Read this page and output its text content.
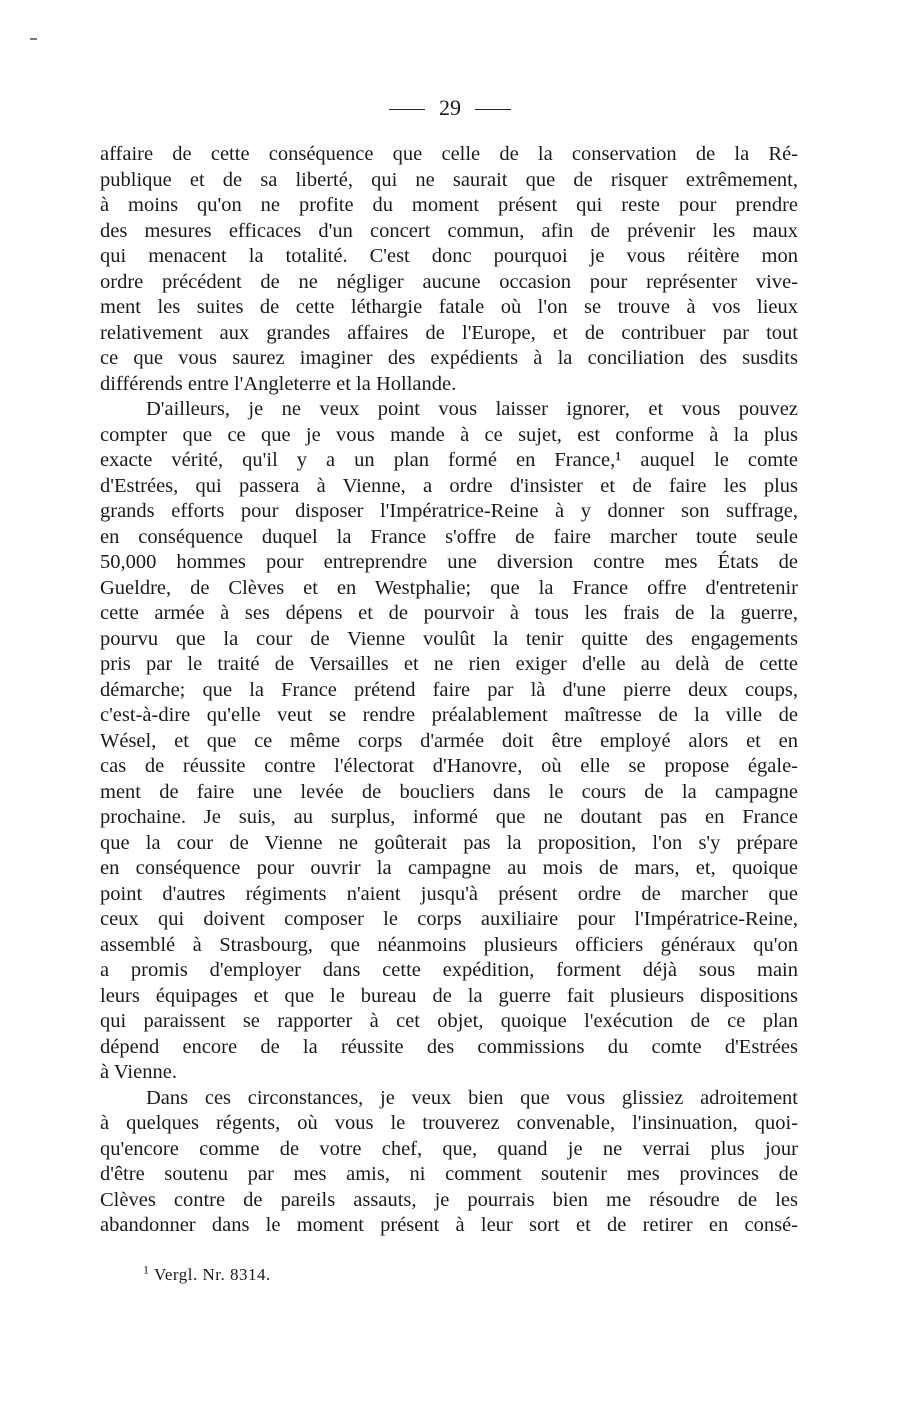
29
affaire de cette conséquence que celle de la conservation de la Ré-
publique et de sa liberté, qui ne saurait que de risquer extrêmement,
à moins qu'on ne profite du moment présent qui reste pour prendre
des mesures efficaces d'un concert commun, afin de prévenir les maux
qui menacent la totalité. C'est donc pourquoi je vous réitère mon
ordre précédent de ne négliger aucune occasion pour représenter vive-
ment les suites de cette léthargie fatale où l'on se trouve à vos lieux
relativement aux grandes affaires de l'Europe, et de contribuer par tout
ce que vous saurez imaginer des expédients à la conciliation des susdits
différends entre l'Angleterre et la Hollande.
D'ailleurs, je ne veux point vous laisser ignorer, et vous pouvez
compter que ce que je vous mande à ce sujet, est conforme à la plus
exacte vérité, qu'il y a un plan formé en France,¹ auquel le comte
d'Estrées, qui passera à Vienne, a ordre d'insister et de faire les plus
grands efforts pour disposer l'Impératrice-Reine à y donner son suffrage,
en conséquence duquel la France s'offre de faire marcher toute seule
50,000 hommes pour entreprendre une diversion contre mes États de
Gueldre, de Clèves et en Westphalie; que la France offre d'entretenir
cette armée à ses dépens et de pourvoir à tous les frais de la guerre,
pourvu que la cour de Vienne voulût la tenir quitte des engagements
pris par le traité de Versailles et ne rien exiger d'elle au delà de cette
démarche; que la France prétend faire par là d'une pierre deux coups,
c'est-à-dire qu'elle veut se rendre préalablement maîtresse de la ville de
Wésel, et que ce même corps d'armée doit être employé alors et en
cas de réussite contre l'électorat d'Hanovre, où elle se propose égale-
ment de faire une levée de boucliers dans le cours de la campagne
prochaine. Je suis, au surplus, informé que ne doutant pas en France
que la cour de Vienne ne goûterait pas la proposition, l'on s'y prépare
en conséquence pour ouvrir la campagne au mois de mars, et, quoique
point d'autres régiments n'aient jusqu'à présent ordre de marcher que
ceux qui doivent composer le corps auxiliaire pour l'Impératrice-Reine,
assemblé à Strasbourg, que néanmoins plusieurs officiers généraux qu'on
a promis d'employer dans cette expédition, forment déjà sous main
leurs équipages et que le bureau de la guerre fait plusieurs dispositions
qui paraissent se rapporter à cet objet, quoique l'exécution de ce plan
dépend encore de la réussite des commissions du comte d'Estrées
à Vienne.
Dans ces circonstances, je veux bien que vous glissiez adroitement
à quelques régents, où vous le trouverez convenable, l'insinuation, quoi-
qu'encore comme de votre chef, que, quand je ne verrai plus jour
d'être soutenu par mes amis, ni comment soutenir mes provinces de
Clèves contre de pareils assauts, je pourrais bien me résoudre de les
abandonner dans le moment présent à leur sort et de retirer en consé-
$^1$ Vergl. Nr. 8314.
